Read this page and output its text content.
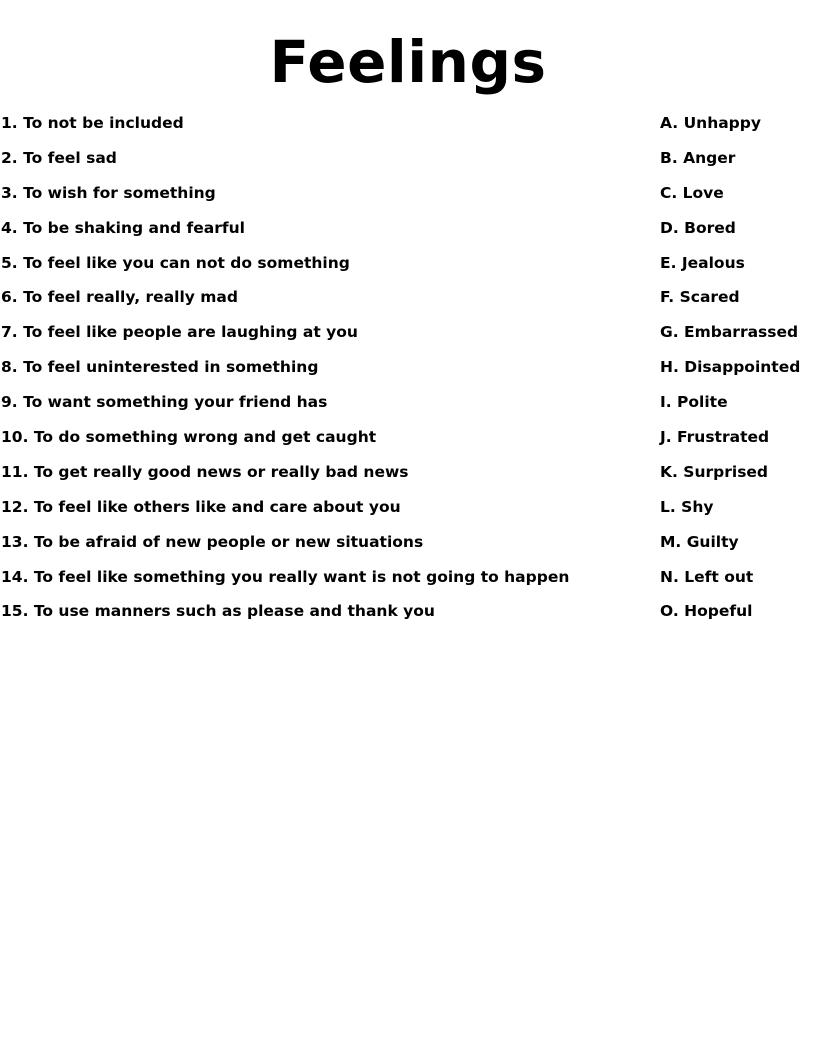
Feelings
1. To not be included
2. To feel sad
3. To wish for something
4. To be shaking and fearful
5. To feel like you can not do something
6. To feel really, really mad
7. To feel like people are laughing at you
8. To feel uninterested in something
9. To want something your friend has
10. To do something wrong and get caught
11. To get really good news or really bad news
12. To feel like others like and care about you
13. To be afraid of new people or new situations
14. To feel like something you really want is not going to happen
15. To use manners such as please and thank you
A. Unhappy
B. Anger
C. Love
D. Bored
E. Jealous
F. Scared
G. Embarrassed
H. Disappointed
I. Polite
J. Frustrated
K. Surprised
L. Shy
M. Guilty
N. Left out
O. Hopeful
